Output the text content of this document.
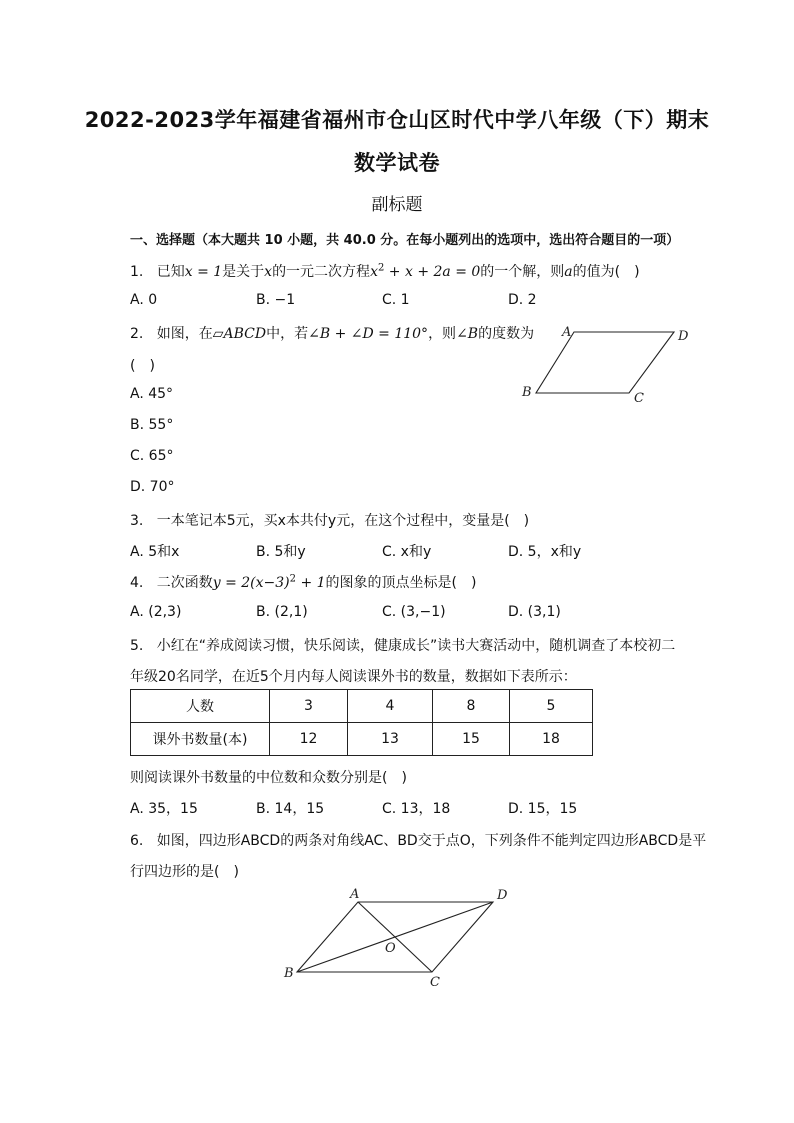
2022-2023学年福建省福州市仓山区时代中学八年级（下）期末
数学试卷
副标题
一、选择题（本大题共 10 小题，共 40.0 分。在每小题列出的选项中，选出符合题目的一项）
1. 已知x = 1是关于x的一元二次方程$x^2 + x + 2a = 0$的一个解，则a的值为(　)
A. 0	B. −1	C. 1	D. 2
2. 如图，在▱ABCD中，若∠B + ∠D = 110°，则∠B的度数为
(　)
A. 45°
B. 55°
C. 65°
D. 70°
A	D
B	C
3. 一本笔记本5元，买x本共付y元，在这个过程中，变量是(　)
A. 5和x	B. 5和y	C. x和y	D. 5，x和y
4. 二次函数$y = 2(x-3)^2 + 1$的图象的顶点坐标是(　)
A. (2,3)	B. (2,1)	C. (3,−1)	D. (3,1)
5. 小红在“养成阅读习惯，快乐阅读，健康成长”读书大赛活动中，随机调查了本校初二
年级20名同学，在近5个月内每人阅读课外书的数量，数据如下表所示：
人数	3	4	8	5
课外书数量(本)	12	13	15	18
则阅读课外书数量的中位数和众数分别是(　)
A. 35，15	B. 14，15	C. 13，18	D. 15，15
6. 如图，四边形ABCD的两条对角线AC、BD交于点O，下列条件不能判定四边形ABCD是平
行四边形的是(　)
A	D
O
B
C
